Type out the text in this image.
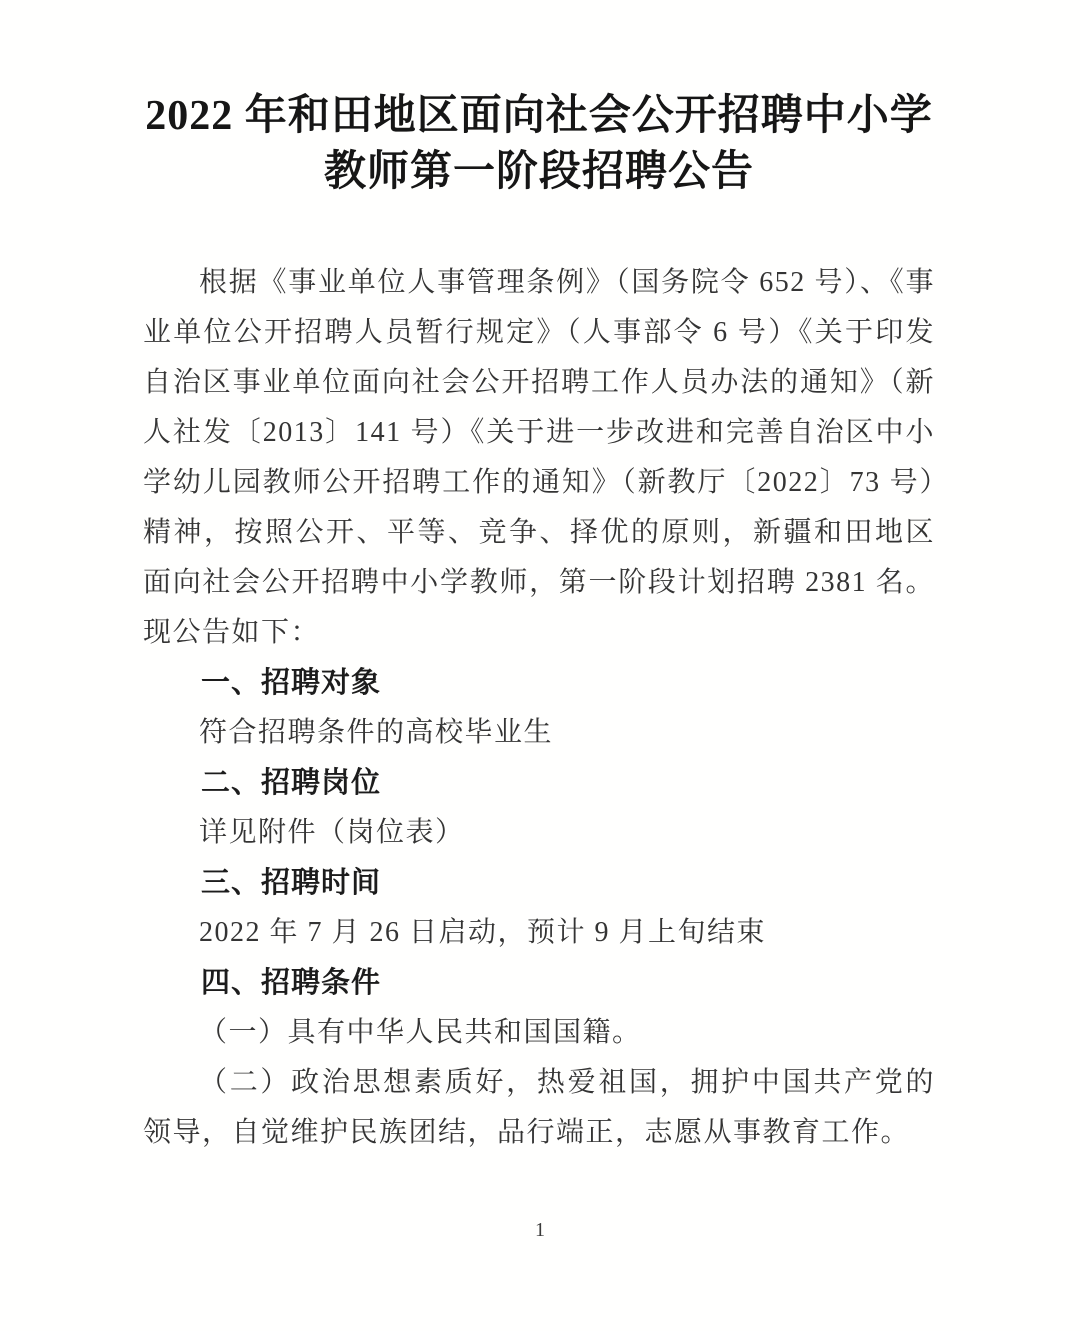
2022 年和田地区面向社会公开招聘中小学
教师第一阶段招聘公告

根据《事业单位人事管理条例》（国务院令 652 号）、《事业单位公开招聘人员暂行规定》（人事部令 6 号）《关于印发自治区事业单位面向社会公开招聘工作人员办法的通知》（新人社发〔2013〕141 号）《关于进一步改进和完善自治区中小学幼儿园教师公开招聘工作的通知》（新教厅〔2022〕73 号）精神，按照公开、平等、竞争、择优的原则，新疆和田地区面向社会公开招聘中小学教师，第一阶段计划招聘 2381 名。现公告如下：

一、招聘对象

符合招聘条件的高校毕业生

二、招聘岗位

详见附件（岗位表）

三、招聘时间

2022 年 7 月 26 日启动，预计 9 月上旬结束

四、招聘条件

（一）具有中华人民共和国国籍。

（二）政治思想素质好，热爱祖国，拥护中国共产党的领导，自觉维护民族团结，品行端正，志愿从事教育工作。

1
